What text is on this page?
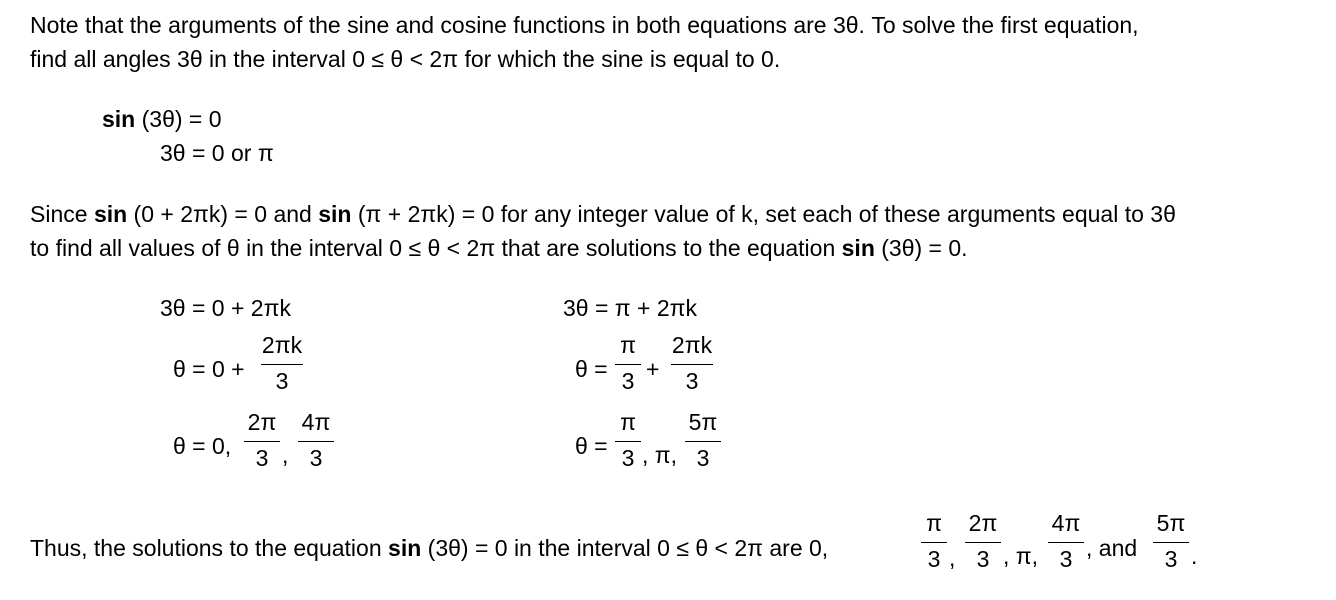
Note that the arguments of the sine and cosine functions in both equations are 3θ. To solve the first equation,
find all angles 3θ in the interval 0 ≤ θ < 2π for which the sine is equal to 0.
sin (3θ) = 0
3θ = 0 or π
Since sin (0 + 2πk) = 0 and sin (π + 2πk) = 0 for any integer value of k, set each of these arguments equal to 3θ
to find all values of θ in the interval 0 ≤ θ < 2π that are solutions to the equation sin (3θ) = 0.
3θ = 0 + 2πk
θ = 0 +
2πk
3
θ = 0,
2π
3 ,
4π
3
3θ = π + 2πk
θ =
π
3 +
2πk
3
θ =
π
3 , π,
5π
3
Thus, the solutions to the equation sin (3θ) = 0 in the interval 0 ≤ θ < 2π are 0,
π
3 ,
2π
3 , π,
4π
3 , and
5π
3 .
